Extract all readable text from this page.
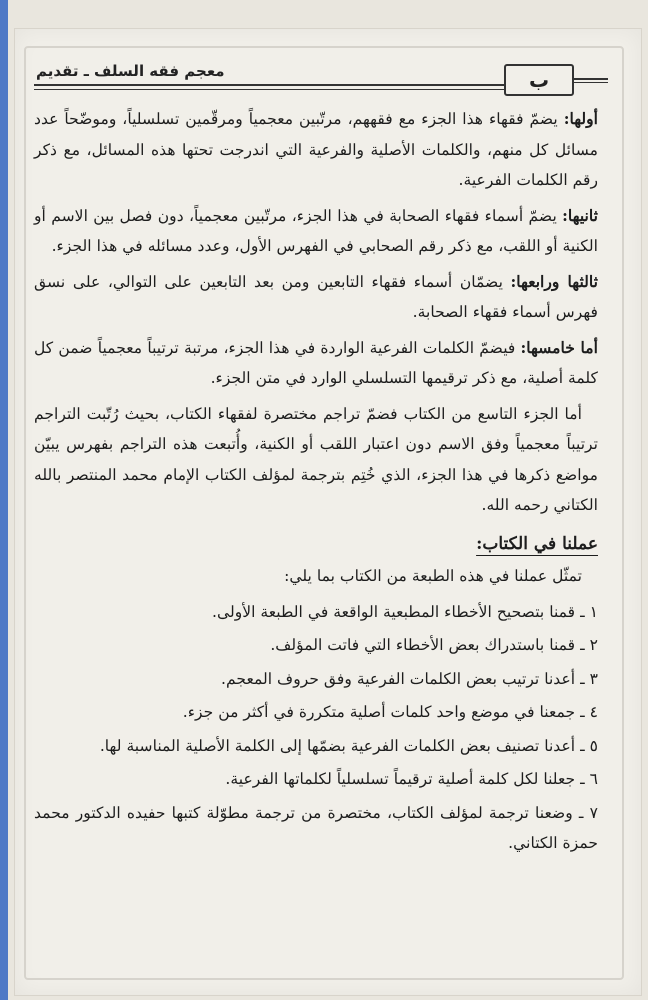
معجم فقه السلف ـ تقديم	ب

أولها: يضمّ فقهاء هذا الجزء مع فقههم، مرتّبين معجمياً ومرقّمين تسلسلياً، وموضّحاً عدد مسائل كل منهم، والكلمات الأصلية والفرعية التي اندرجت تحتها هذه المسائل، مع ذكر رقم الكلمات الفرعية.

ثانيها: يضمّ أسماء فقهاء الصحابة في هذا الجزء، مرتّبين معجمياً، دون فصل بين الاسم أو الكنية أو اللقب، مع ذكر رقم الصحابي في الفهرس الأول، وعدد مسائله في هذا الجزء.

ثالثها ورابعها: يضمّان أسماء فقهاء التابعين ومن بعد التابعين على التوالي، على نسق فهرس أسماء فقهاء الصحابة.

أما خامسها: فيضمّ الكلمات الفرعية الواردة في هذا الجزء، مرتبة ترتيباً معجمياً ضمن كل كلمة أصلية، مع ذكر ترقيمها التسلسلي الوارد في متن الجزء.

أما الجزء التاسع من الكتاب فضمّ تراجم مختصرة لفقهاء الكتاب، بحيث رُتّبت التراجم ترتيباً معجمياً وفق الاسم دون اعتبار اللقب أو الكنية، وأُتبعت هذه التراجم بفهرس يبيّن مواضع ذكرها في هذا الجزء، الذي خُتِم بترجمة لمؤلف الكتاب الإمام محمد المنتصر بالله الكتاني رحمه الله.

عملنا في الكتاب:

تمثّل عملنا في هذه الطبعة من الكتاب بما يلي:

١ ـ قمنا بتصحيح الأخطاء المطبعية الواقعة في الطبعة الأولى.
٢ ـ قمنا باستدراك بعض الأخطاء التي فاتت المؤلف.
٣ ـ أعدنا ترتيب بعض الكلمات الفرعية وفق حروف المعجم.
٤ ـ جمعنا في موضع واحد كلمات أصلية متكررة في أكثر من جزء.
٥ ـ أعدنا تصنيف بعض الكلمات الفرعية بضمّها إلى الكلمة الأصلية المناسبة لها.
٦ ـ جعلنا لكل كلمة أصلية ترقيماً تسلسلياً لكلماتها الفرعية.
٧ ـ وضعنا ترجمة لمؤلف الكتاب، مختصرة من ترجمة مطوّلة كتبها حفيده الدكتور محمد حمزة الكتاني.
